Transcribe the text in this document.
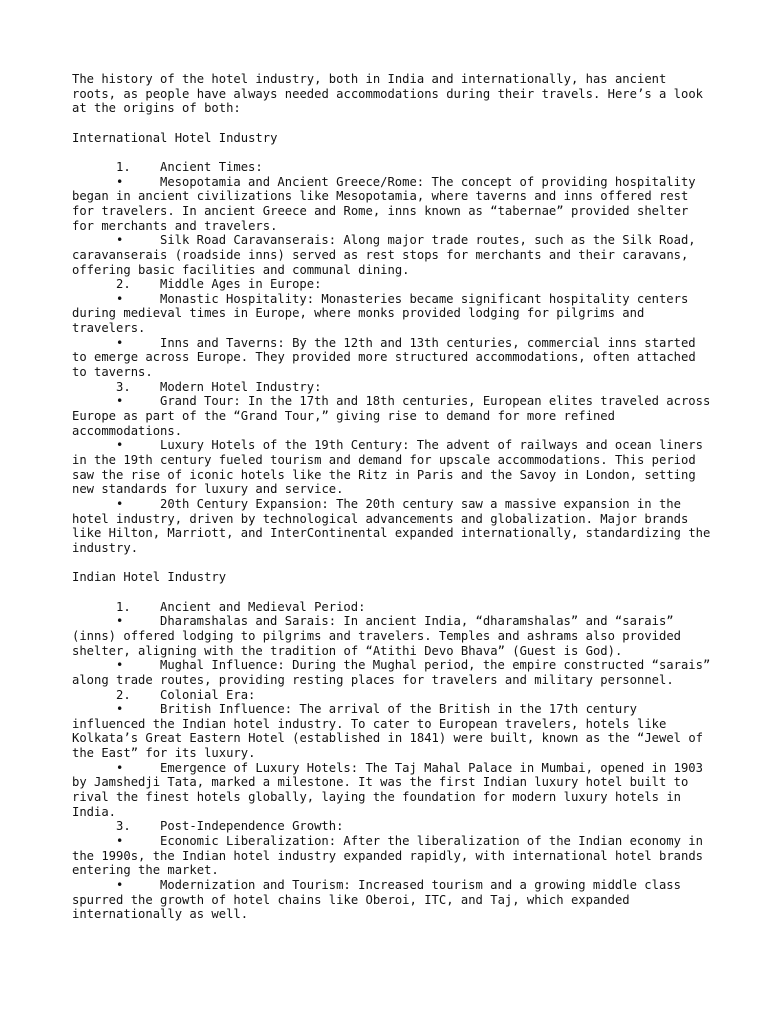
The history of the hotel industry, both in India and internationally, has ancient roots, as people have always needed accommodations during their travels. Here’s a look at the origins of both:

International Hotel Industry

1. Ancient Times:

•	Mesopotamia and Ancient Greece/Rome: The concept of providing hospitality began in ancient civilizations like Mesopotamia, where taverns and inns offered rest for travelers. In ancient Greece and Rome, inns known as “tabernae” provided shelter for merchants and travelers.

•	Silk Road Caravanserais: Along major trade routes, such as the Silk Road, caravanserais (roadside inns) served as rest stops for merchants and their caravans, offering basic facilities and communal dining.

2. Middle Ages in Europe:

•	Monastic Hospitality: Monasteries became significant hospitality centers during medieval times in Europe, where monks provided lodging for pilgrims and travelers.

•	Inns and Taverns: By the 12th and 13th centuries, commercial inns started to emerge across Europe. They provided more structured accommodations, often attached to taverns.

3. Modern Hotel Industry:

•	Grand Tour: In the 17th and 18th centuries, European elites traveled across Europe as part of the “Grand Tour,” giving rise to demand for more refined accommodations.

•	Luxury Hotels of the 19th Century: The advent of railways and ocean liners in the 19th century fueled tourism and demand for upscale accommodations. This period saw the rise of iconic hotels like the Ritz in Paris and the Savoy in London, setting new standards for luxury and service.

•	20th Century Expansion: The 20th century saw a massive expansion in the hotel industry, driven by technological advancements and globalization. Major brands like Hilton, Marriott, and InterContinental expanded internationally, standardizing the industry.

Indian Hotel Industry

1. Ancient and Medieval Period:

•	Dharamshalas and Sarais: In ancient India, “dharamshalas” and “sarais” (inns) offered lodging to pilgrims and travelers. Temples and ashrams also provided shelter, aligning with the tradition of “Atithi Devo Bhava” (Guest is God).

•	Mughal Influence: During the Mughal period, the empire constructed “sarais” along trade routes, providing resting places for travelers and military personnel.

2. Colonial Era:

•	British Influence: The arrival of the British in the 17th century influenced the Indian hotel industry. To cater to European travelers, hotels like Kolkata’s Great Eastern Hotel (established in 1841) were built, known as the “Jewel of the East” for its luxury.

•	Emergence of Luxury Hotels: The Taj Mahal Palace in Mumbai, opened in 1903 by Jamshedji Tata, marked a milestone. It was the first Indian luxury hotel built to rival the finest hotels globally, laying the foundation for modern luxury hotels in India.

3. Post-Independence Growth:

•	Economic Liberalization: After the liberalization of the Indian economy in the 1990s, the Indian hotel industry expanded rapidly, with international hotel brands entering the market.

•	Modernization and Tourism: Increased tourism and a growing middle class spurred the growth of hotel chains like Oberoi, ITC, and Taj, which expanded internationally as well.
